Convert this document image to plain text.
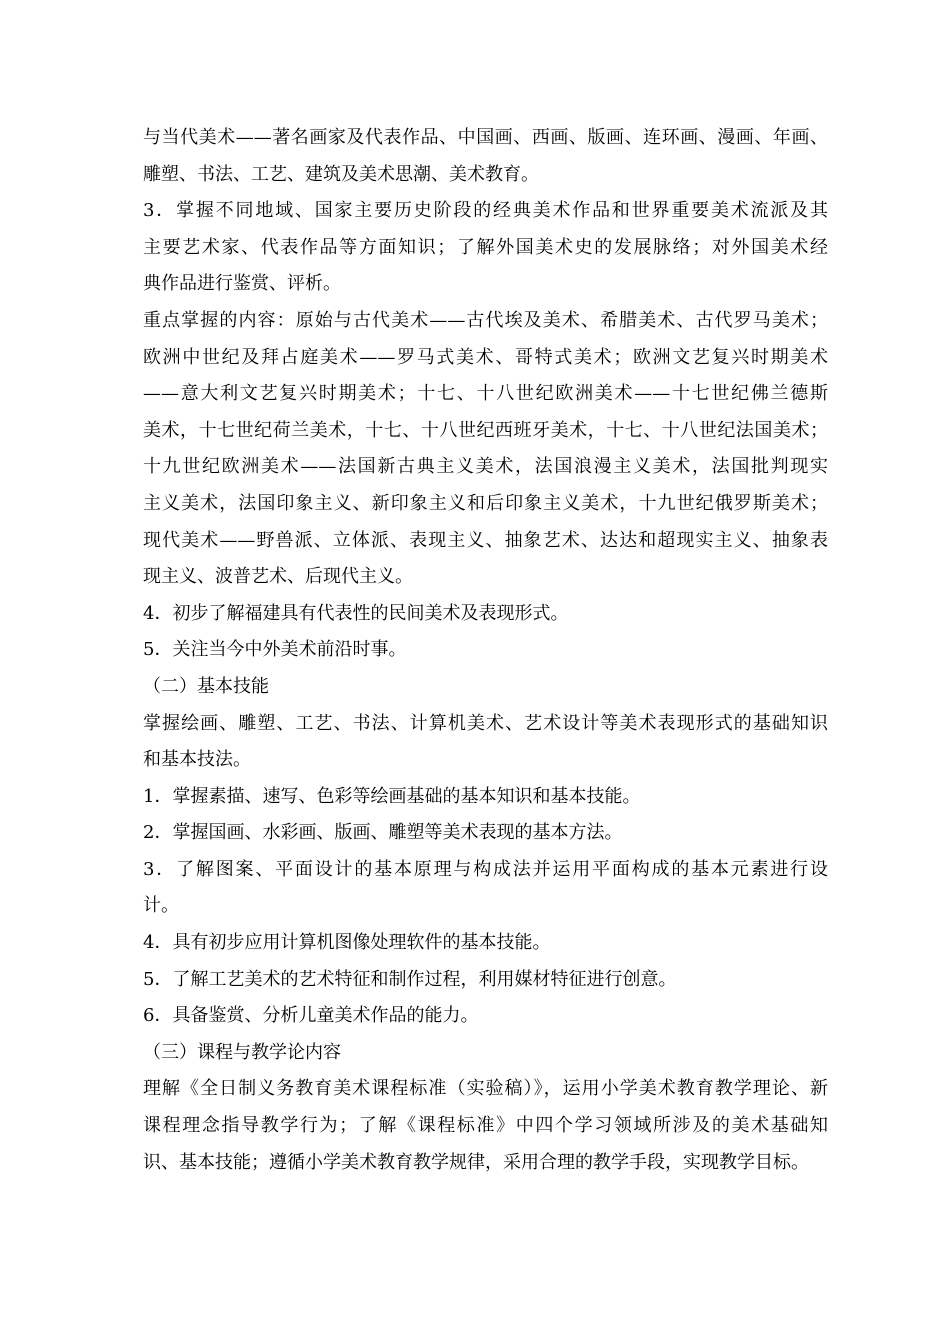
与当代美术——著名画家及代表作品、中国画、西画、版画、连环画、漫画、年画、
雕塑、书法、工艺、建筑及美术思潮、美术教育。
3．掌握不同地域、国家主要历史阶段的经典美术作品和世界重要美术流派及其
主要艺术家、代表作品等方面知识；了解外国美术史的发展脉络；对外国美术经
典作品进行鉴赏、评析。
重点掌握的内容：原始与古代美术——古代埃及美术、希腊美术、古代罗马美术；
欧洲中世纪及拜占庭美术——罗马式美术、哥特式美术；欧洲文艺复兴时期美术
——意大利文艺复兴时期美术；十七、十八世纪欧洲美术——十七世纪佛兰德斯
美术，十七世纪荷兰美术，十七、十八世纪西班牙美术，十七、十八世纪法国美术；
十九世纪欧洲美术——法国新古典主义美术，法国浪漫主义美术，法国批判现实
主义美术，法国印象主义、新印象主义和后印象主义美术，十九世纪俄罗斯美术；
现代美术——野兽派、立体派、表现主义、抽象艺术、达达和超现实主义、抽象表
现主义、波普艺术、后现代主义。
4．初步了解福建具有代表性的民间美术及表现形式。
5．关注当今中外美术前沿时事。
（二）基本技能
掌握绘画、雕塑、工艺、书法、计算机美术、艺术设计等美术表现形式的基础知识
和基本技法。
1．掌握素描、速写、色彩等绘画基础的基本知识和基本技能。
2．掌握国画、水彩画、版画、雕塑等美术表现的基本方法。
3．了解图案、平面设计的基本原理与构成法并运用平面构成的基本元素进行设
计。
4．具有初步应用计算机图像处理软件的基本技能。
5．了解工艺美术的艺术特征和制作过程，利用媒材特征进行创意。
6．具备鉴赏、分析儿童美术作品的能力。
（三）课程与教学论内容
理解《全日制义务教育美术课程标准（实验稿）》，运用小学美术教育教学理论、新
课程理念指导教学行为；了解《课程标准》中四个学习领域所涉及的美术基础知
识、基本技能；遵循小学美术教育教学规律，采用合理的教学手段，实现教学目标。
